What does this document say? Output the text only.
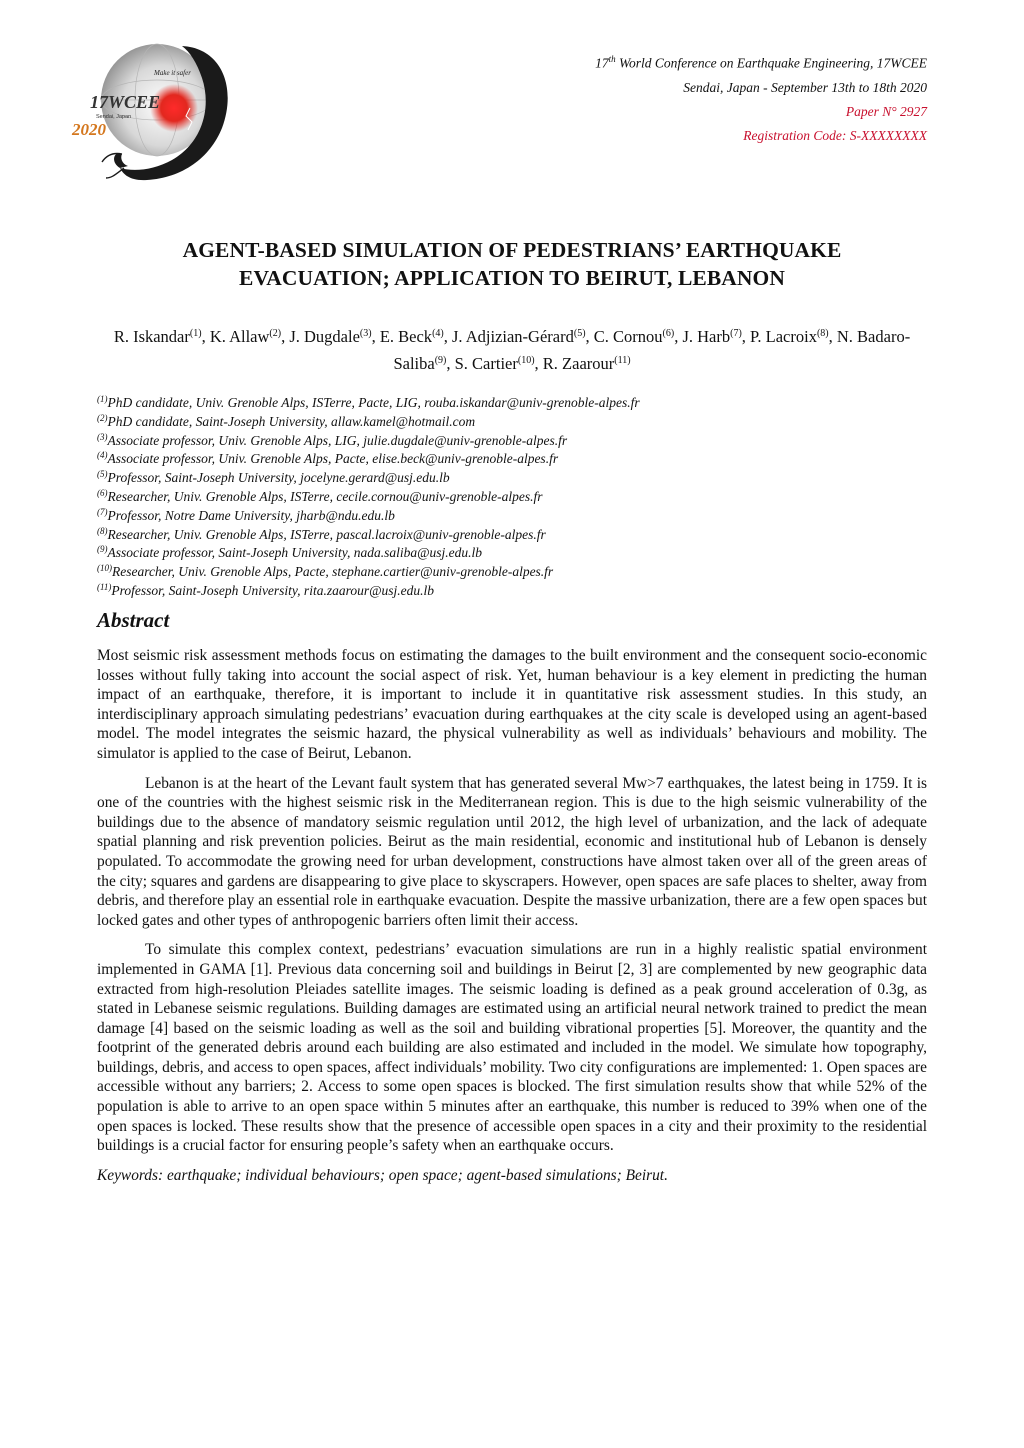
Make it safer
17WCEE
Sendai, Japan
2020
17th World Conference on Earthquake Engineering, 17WCEE
Sendai, Japan - September 13th to 18th 2020
Paper N° 2927
Registration Code: S-XXXXXXXX
AGENT-BASED SIMULATION OF PEDESTRIANS’ EARTHQUAKE
EVACUATION; APPLICATION TO BEIRUT, LEBANON
R. Iskandar$^{(1)}$, K. Allaw$^{(2)}$, J. Dugdale$^{(3)}$, E. Beck$^{(4)}$, J. Adjizian-Gérard$^{(5)}$, C. Cornou$^{(6)}$, J. Harb$^{(7)}$, P. Lacroix$^{(8)}$, N. Badaro-Saliba$^{(9)}$, S. Cartier$^{(10)}$, R. Zaarour$^{(11)}$
$^{(1)}$PhD candidate, Univ. Grenoble Alps, ISTerre, Pacte, LIG, rouba.iskandar@univ-grenoble-alpes.fr
$^{(2)}$PhD candidate, Saint-Joseph University, allaw.kamel@hotmail.com
$^{(3)}$Associate professor, Univ. Grenoble Alps, LIG, julie.dugdale@univ-grenoble-alpes.fr
$^{(4)}$Associate professor, Univ. Grenoble Alps, Pacte, elise.beck@univ-grenoble-alpes.fr
$^{(5)}$Professor, Saint-Joseph University, jocelyne.gerard@usj.edu.lb
$^{(6)}$Researcher, Univ. Grenoble Alps, ISTerre, cecile.cornou@univ-grenoble-alpes.fr
$^{(7)}$Professor, Notre Dame University, jharb@ndu.edu.lb
$^{(8)}$Researcher, Univ. Grenoble Alps, ISTerre, pascal.lacroix@univ-grenoble-alpes.fr
$^{(9)}$Associate professor, Saint-Joseph University, nada.saliba@usj.edu.lb
$^{(10)}$Researcher, Univ. Grenoble Alps, Pacte, stephane.cartier@univ-grenoble-alpes.fr
$^{(11)}$Professor, Saint-Joseph University, rita.zaarour@usj.edu.lb
Abstract

Most seismic risk assessment methods focus on estimating the damages to the built environment and the consequent socio-economic losses without fully taking into account the social aspect of risk. Yet, human behaviour is a key element in predicting the human impact of an earthquake, therefore, it is important to include it in quantitative risk assessment studies. In this study, an interdisciplinary approach simulating pedestrians’ evacuation during earthquakes at the city scale is developed using an agent-based model. The model integrates the seismic hazard, the physical vulnerability as well as individuals’ behaviours and mobility. The simulator is applied to the case of Beirut, Lebanon.

Lebanon is at the heart of the Levant fault system that has generated several Mw>7 earthquakes, the latest being in 1759. It is one of the countries with the highest seismic risk in the Mediterranean region. This is due to the high seismic vulnerability of the buildings due to the absence of mandatory seismic regulation until 2012, the high level of urbanization, and the lack of adequate spatial planning and risk prevention policies. Beirut as the main residential, economic and institutional hub of Lebanon is densely populated. To accommodate the growing need for urban development, constructions have almost taken over all of the green areas of the city; squares and gardens are disappearing to give place to skyscrapers. However, open spaces are safe places to shelter, away from debris, and therefore play an essential role in earthquake evacuation. Despite the massive urbanization, there are a few open spaces but locked gates and other types of anthropogenic barriers often limit their access.

To simulate this complex context, pedestrians’ evacuation simulations are run in a highly realistic spatial environment implemented in GAMA [1]. Previous data concerning soil and buildings in Beirut [2, 3] are complemented by new geographic data extracted from high-resolution Pleiades satellite images. The seismic loading is defined as a peak ground acceleration of 0.3g, as stated in Lebanese seismic regulations. Building damages are estimated using an artificial neural network trained to predict the mean damage [4] based on the seismic loading as well as the soil and building vibrational properties [5]. Moreover, the quantity and the footprint of the generated debris around each building are also estimated and included in the model. We simulate how topography, buildings, debris, and access to open spaces, affect individuals’ mobility. Two city configurations are implemented: 1. Open spaces are accessible without any barriers; 2. Access to some open spaces is blocked. The first simulation results show that while 52% of the population is able to arrive to an open space within 5 minutes after an earthquake, this number is reduced to 39% when one of the open spaces is locked. These results show that the presence of accessible open spaces in a city and their proximity to the residential buildings is a crucial factor for ensuring people’s safety when an earthquake occurs.

Keywords: earthquake; individual behaviours; open space; agent-based simulations; Beirut.
